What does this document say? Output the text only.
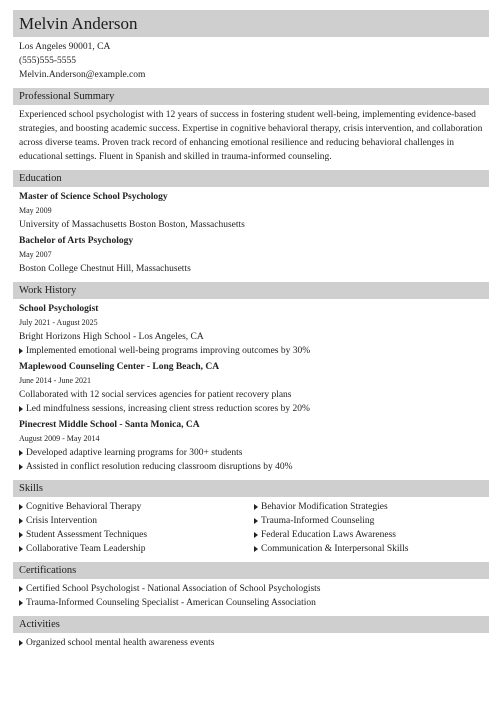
Melvin Anderson
Los Angeles 90001, CA
(555)555-5555
Melvin.Anderson@example.com
Professional Summary
Experienced school psychologist with 12 years of success in fostering student well-being, implementing evidence-based strategies, and boosting academic success. Expertise in cognitive behavioral therapy, crisis intervention, and collaboration across diverse teams. Proven track record of enhancing emotional resilience and reducing behavioral challenges in educational settings. Fluent in Spanish and skilled in trauma-informed counseling.
Education
Master of Science School Psychology
May 2009
University of Massachusetts Boston Boston, Massachusetts
Bachelor of Arts Psychology
May 2007
Boston College Chestnut Hill, Massachusetts
Work History
School Psychologist
July 2021 - August 2025
Bright Horizons High School - Los Angeles, CA
Implemented emotional well-being programs improving outcomes by 30%
Maplewood Counseling Center - Long Beach, CA
June 2014 - June 2021
Collaborated with 12 social services agencies for patient recovery plans
Led mindfulness sessions, increasing client stress reduction scores by 20%
Pinecrest Middle School - Santa Monica, CA
August 2009 - May 2014
Developed adaptive learning programs for 300+ students
Assisted in conflict resolution reducing classroom disruptions by 40%
Skills
Cognitive Behavioral Therapy
Crisis Intervention
Student Assessment Techniques
Collaborative Team Leadership
Behavior Modification Strategies
Trauma-Informed Counseling
Federal Education Laws Awareness
Communication & Interpersonal Skills
Certifications
Certified School Psychologist - National Association of School Psychologists
Trauma-Informed Counseling Specialist - American Counseling Association
Activities
Organized school mental health awareness events
